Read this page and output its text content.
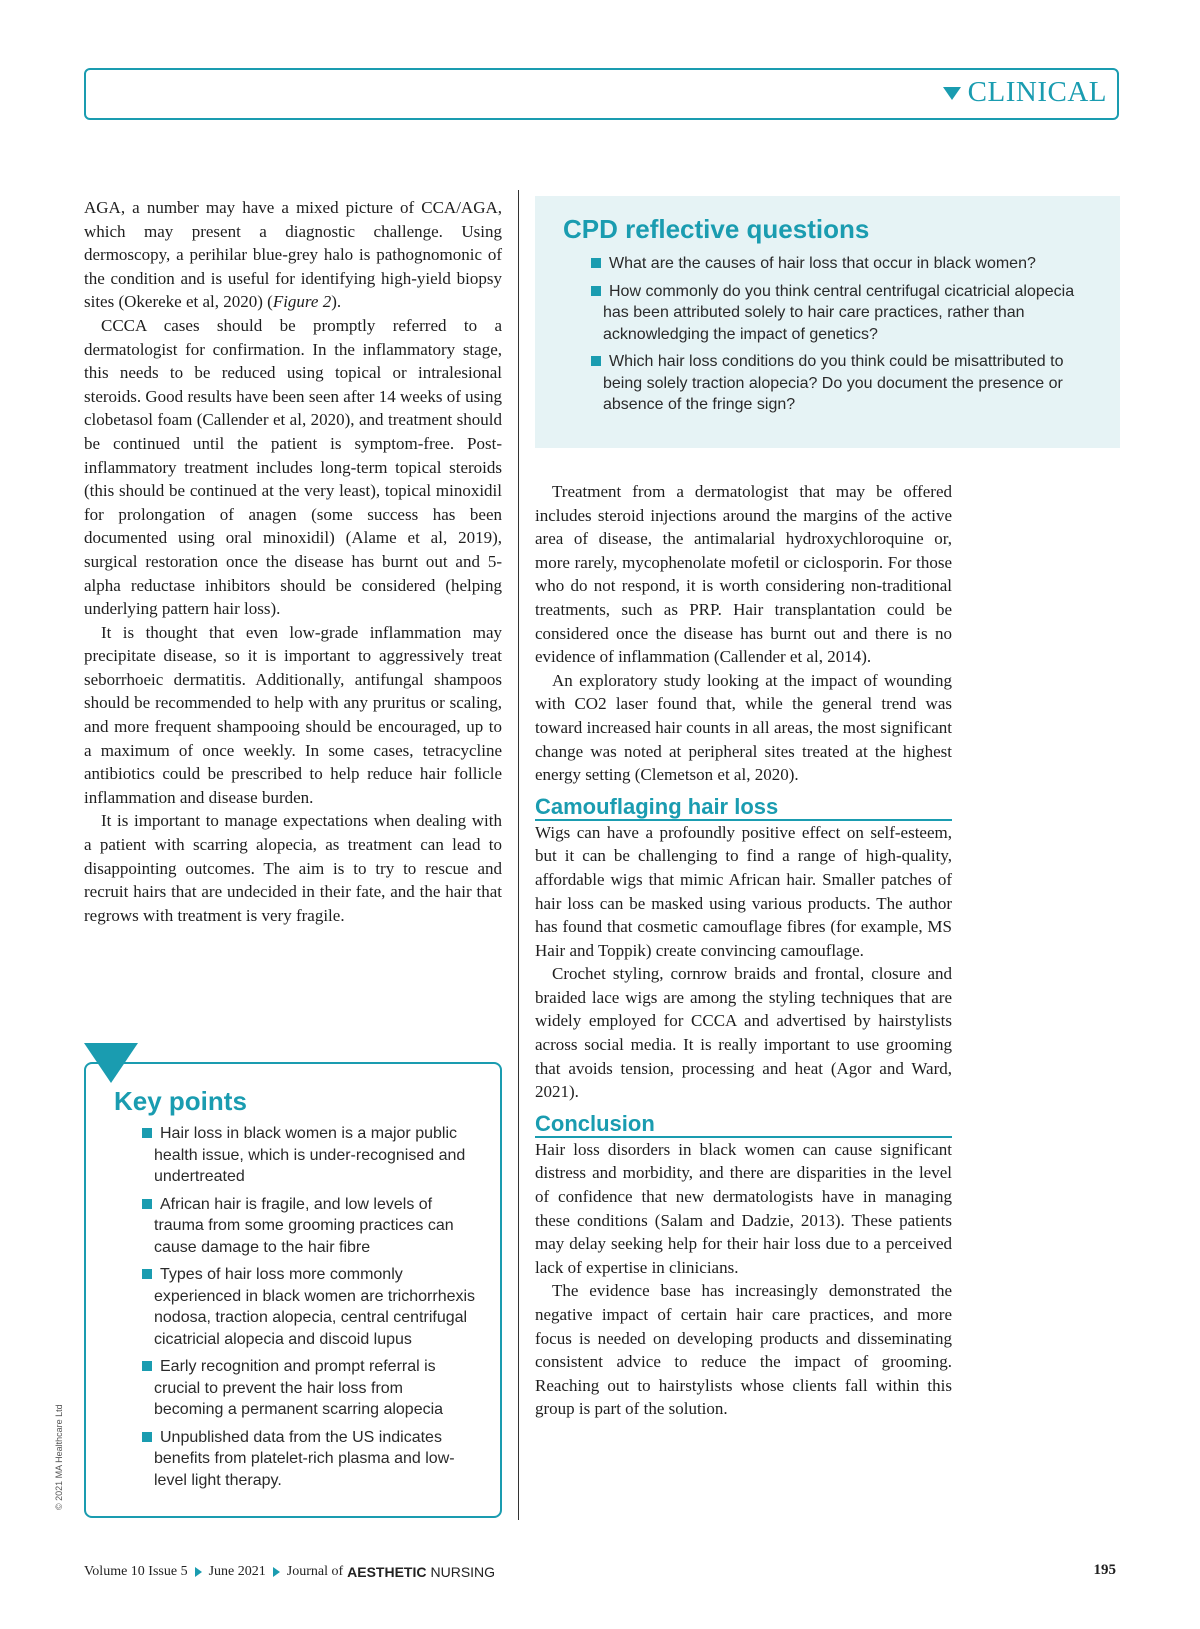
CLINICAL

AGA, a number may have a mixed picture of CCA/AGA, which may present a diagnostic challenge. Using dermoscopy, a perihilar blue-grey halo is pathognomonic of the condition and is useful for identifying high-yield biopsy sites (Okereke et al, 2020) (Figure 2).

CCCA cases should be promptly referred to a dermatologist for confirmation. In the inflammatory stage, this needs to be reduced using topical or intralesional steroids. Good results have been seen after 14 weeks of using clobetasol foam (Callender et al, 2020), and treatment should be continued until the patient is symptom-free. Post-inflammatory treatment includes long-term topical steroids (this should be continued at the very least), topical minoxidil for prolongation of anagen (some success has been documented using oral minoxidil) (Alame et al, 2019), surgical restoration once the disease has burnt out and 5-alpha reductase inhibitors should be considered (helping underlying pattern hair loss).

It is thought that even low-grade inflammation may precipitate disease, so it is important to aggressively treat seborrhoeic dermatitis. Additionally, antifungal shampoos should be recommended to help with any pruritus or scaling, and more frequent shampooing should be encouraged, up to a maximum of once weekly. In some cases, tetracycline antibiotics could be prescribed to help reduce hair follicle inflammation and disease burden.

It is important to manage expectations when dealing with a patient with scarring alopecia, as treatment can lead to disappointing outcomes. The aim is to try to rescue and recruit hairs that are undecided in their fate, and the hair that regrows with treatment is very fragile.

CPD reflective questions
What are the causes of hair loss that occur in black women?
How commonly do you think central centrifugal cicatricial alopecia has been attributed solely to hair care practices, rather than acknowledging the impact of genetics?
Which hair loss conditions do you think could be misattributed to being solely traction alopecia? Do you document the presence or absence of the fringe sign?
Key points
Hair loss in black women is a major public health issue, which is under-recognised and undertreated
African hair is fragile, and low levels of trauma from some grooming practices can cause damage to the hair fibre
Types of hair loss more commonly experienced in black women are trichorrhexis nodosa, traction alopecia, central centrifugal cicatricial alopecia and discoid lupus
Early recognition and prompt referral is crucial to prevent the hair loss from becoming a permanent scarring alopecia
Unpublished data from the US indicates benefits from platelet-rich plasma and low-level light therapy.

Treatment from a dermatologist that may be offered includes steroid injections around the margins of the active area of disease, the antimalarial hydroxychloroquine or, more rarely, mycophenolate mofetil or ciclosporin. For those who do not respond, it is worth considering non-traditional treatments, such as PRP. Hair transplantation could be considered once the disease has burnt out and there is no evidence of inflammation (Callender et al, 2014).

An exploratory study looking at the impact of wounding with CO2 laser found that, while the general trend was toward increased hair counts in all areas, the most significant change was noted at peripheral sites treated at the highest energy setting (Clemetson et al, 2020).

Camouflaging hair loss

Wigs can have a profoundly positive effect on self-esteem, but it can be challenging to find a range of high-quality, affordable wigs that mimic African hair. Smaller patches of hair loss can be masked using various products. The author has found that cosmetic camouflage fibres (for example, MS Hair and Toppik) create convincing camouflage.

Crochet styling, cornrow braids and frontal, closure and braided lace wigs are among the styling techniques that are widely employed for CCCA and advertised by hairstylists across social media. It is really important to use grooming that avoids tension, processing and heat (Agor and Ward, 2021).

Conclusion

Hair loss disorders in black women can cause significant distress and morbidity, and there are disparities in the level of confidence that new dermatologists have in managing these conditions (Salam and Dadzie, 2013). These patients may delay seeking help for their hair loss due to a perceived lack of expertise in clinicians.

The evidence base has increasingly demonstrated the negative impact of certain hair care practices, and more focus is needed on developing products and disseminating consistent advice to reduce the impact of grooming. Reaching out to hairstylists whose clients fall within this group is part of the solution.

© 2021 MA Healthcare Ltd
Volume 10 Issue 5 June 2021 Journal of AESTHETIC NURSING	195
